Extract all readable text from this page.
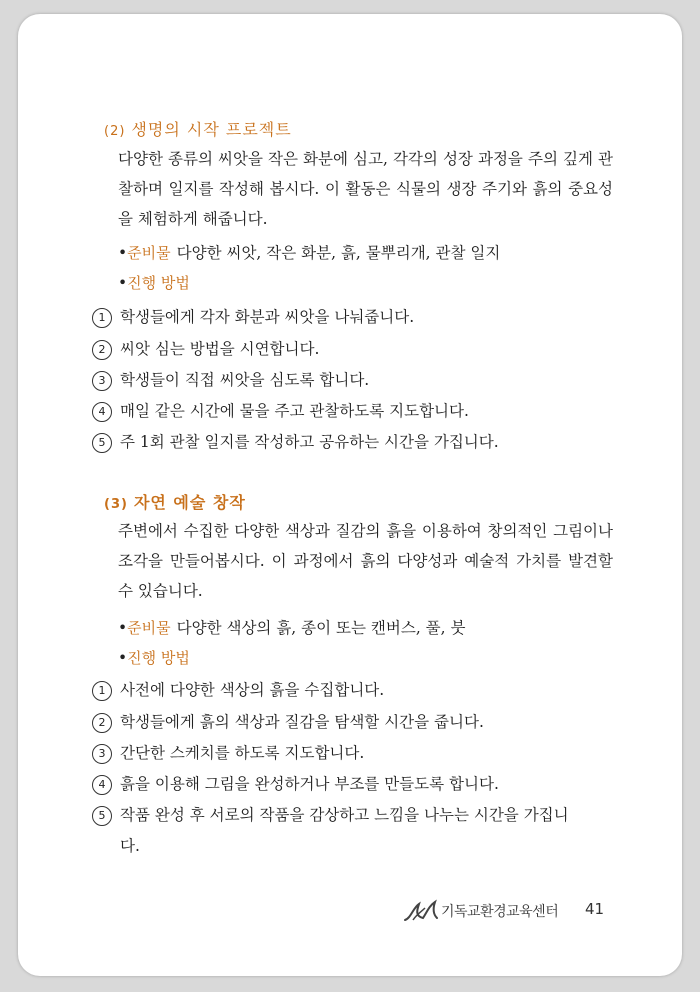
(2) 생명의 시작 프로젝트
다양한 종류의 씨앗을 작은 화분에 심고, 각각의 성장 과정을 주의 깊게 관찰하며 일지를 작성해 봅시다. 이 활동은 식물의 생장 주기와 흙의 중요성을 체험하게 해줍니다.
•준비물 다양한 씨앗, 작은 화분, 흙, 물뿌리개, 관찰 일지
•진행 방법
1 학생들에게 각자 화분과 씨앗을 나눠줍니다.
2 씨앗 심는 방법을 시연합니다.
3 학생들이 직접 씨앗을 심도록 합니다.
4 매일 같은 시간에 물을 주고 관찰하도록 지도합니다.
5 주 1회 관찰 일지를 작성하고 공유하는 시간을 가집니다.
(3) 자연 예술 창작
주변에서 수집한 다양한 색상과 질감의 흙을 이용하여 창의적인 그림이나 조각을 만들어봅시다. 이 과정에서 흙의 다양성과 예술적 가치를 발견할 수 있습니다.
•준비물 다양한 색상의 흙, 종이 또는 캔버스, 풀, 붓
•진행 방법
1 사전에 다양한 색상의 흙을 수집합니다.
2 학생들에게 흙의 색상과 질감을 탐색할 시간을 줍니다.
3 간단한 스케치를 하도록 지도합니다.
4 흙을 이용해 그림을 완성하거나 부조를 만들도록 합니다.
5 작품 완성 후 서로의 작품을 감상하고 느낌을 나누는 시간을 가집니
다.
기독교환경교육센터 41
